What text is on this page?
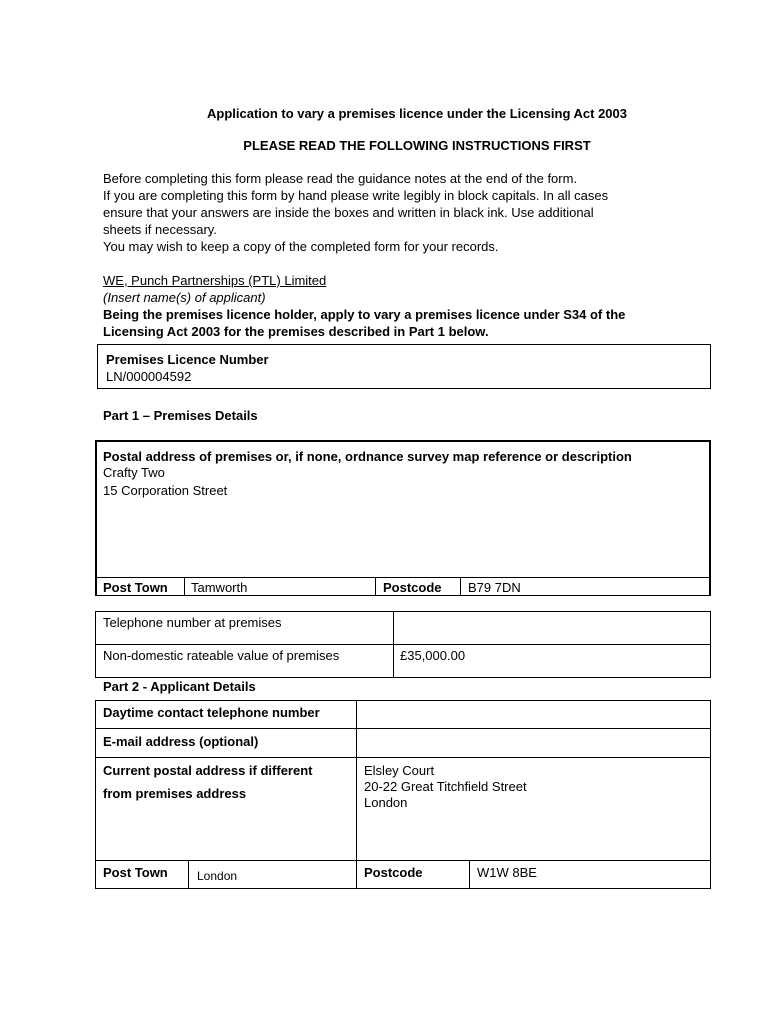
Application to vary a premises licence under the Licensing Act 2003
PLEASE READ THE FOLLOWING INSTRUCTIONS FIRST
Before completing this form please read the guidance notes at the end of the form.
If you are completing this form by hand please write legibly in block capitals. In all cases
ensure that your answers are inside the boxes and written in black ink. Use additional
sheets if necessary.
You may wish to keep a copy of the completed form for your records.
WE, Punch Partnerships (PTL) Limited
(Insert name(s) of applicant)
Being the premises licence holder, apply to vary a premises licence under S34 of the
Licensing Act 2003 for the premises described in Part 1 below.
Premises Licence Number
LN/000004592
Part 1 – Premises Details
Postal address of premises or, if none, ordnance survey map reference or description
Crafty Two
15 Corporation Street
Post Town Tamworth	Postcode B79 7DN
Telephone number at premises
Non-domestic rateable value of premises	£35,000.00
Part 2 - Applicant Details
Daytime contact telephone number
E-mail address (optional)
Current postal address if different
from premises address
Elsley Court
20-22 Great Titchfield Street
London
Post Town London	Postcode	W1W 8BE
